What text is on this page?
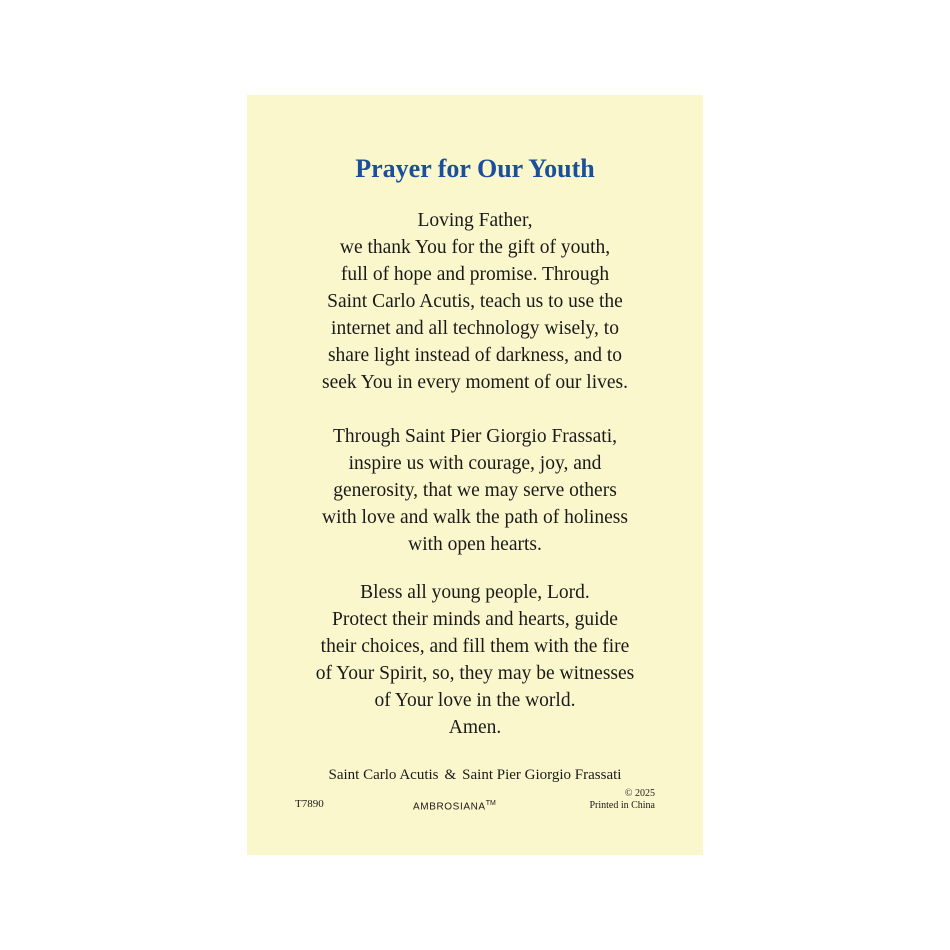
Prayer for Our Youth

Loving Father,
we thank You for the gift of youth,
full of hope and promise. Through
Saint Carlo Acutis, teach us to use the
internet and all technology wisely, to
share light instead of darkness, and to
seek You in every moment of our lives.

Through Saint Pier Giorgio Frassati,
inspire us with courage, joy, and
generosity, that we may serve others
with love and walk the path of holiness
with open hearts.

Bless all young people, Lord.
Protect their minds and hearts, guide
their choices, and fill them with the fire
of Your Spirit, so, they may be witnesses
of Your love in the world.
Amen.

Saint Carlo Acutis & Saint Pier Giorgio Frassati
T7890	AMBROSIANA™
© 2025
Printed in China
